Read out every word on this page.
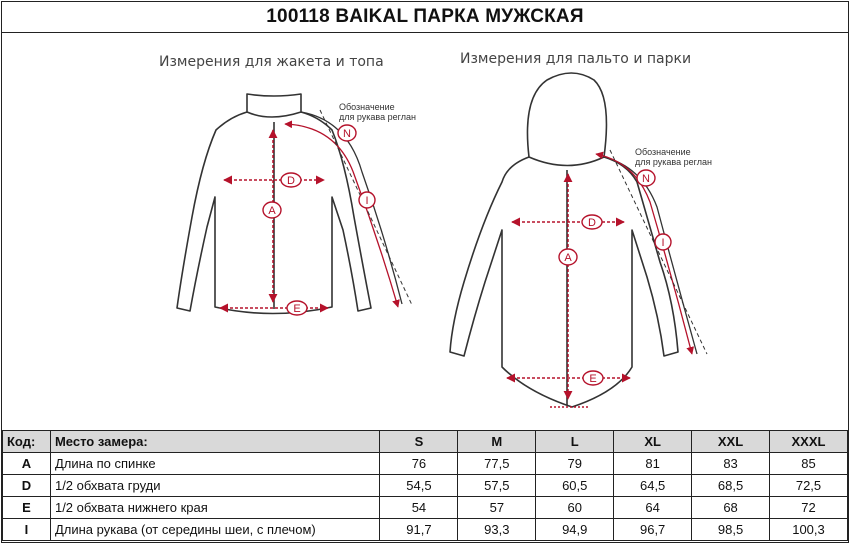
100118 BAIKAL ПАРКА МУЖСКАЯ
Измерения для жакета и топа	Измерения для пальто и парки
Обозначение
для рукава реглан
Обозначение
для рукава реглан
D
A
E
N
I
D
A
E
N
I
Код:	Место замера:	S	M	L	XL	XXL	XXXL
A	Длина по спинке	76	77,5	79	81	83	85
D	1/2 обхвата груди	54,5	57,5	60,5	64,5	68,5	72,5
E	1/2 обхвата нижнего края	54	57	60	64	68	72
I	Длина рукава (от середины шеи, с плечом)	91,7	93,3	94,9	96,7	98,5	100,3
